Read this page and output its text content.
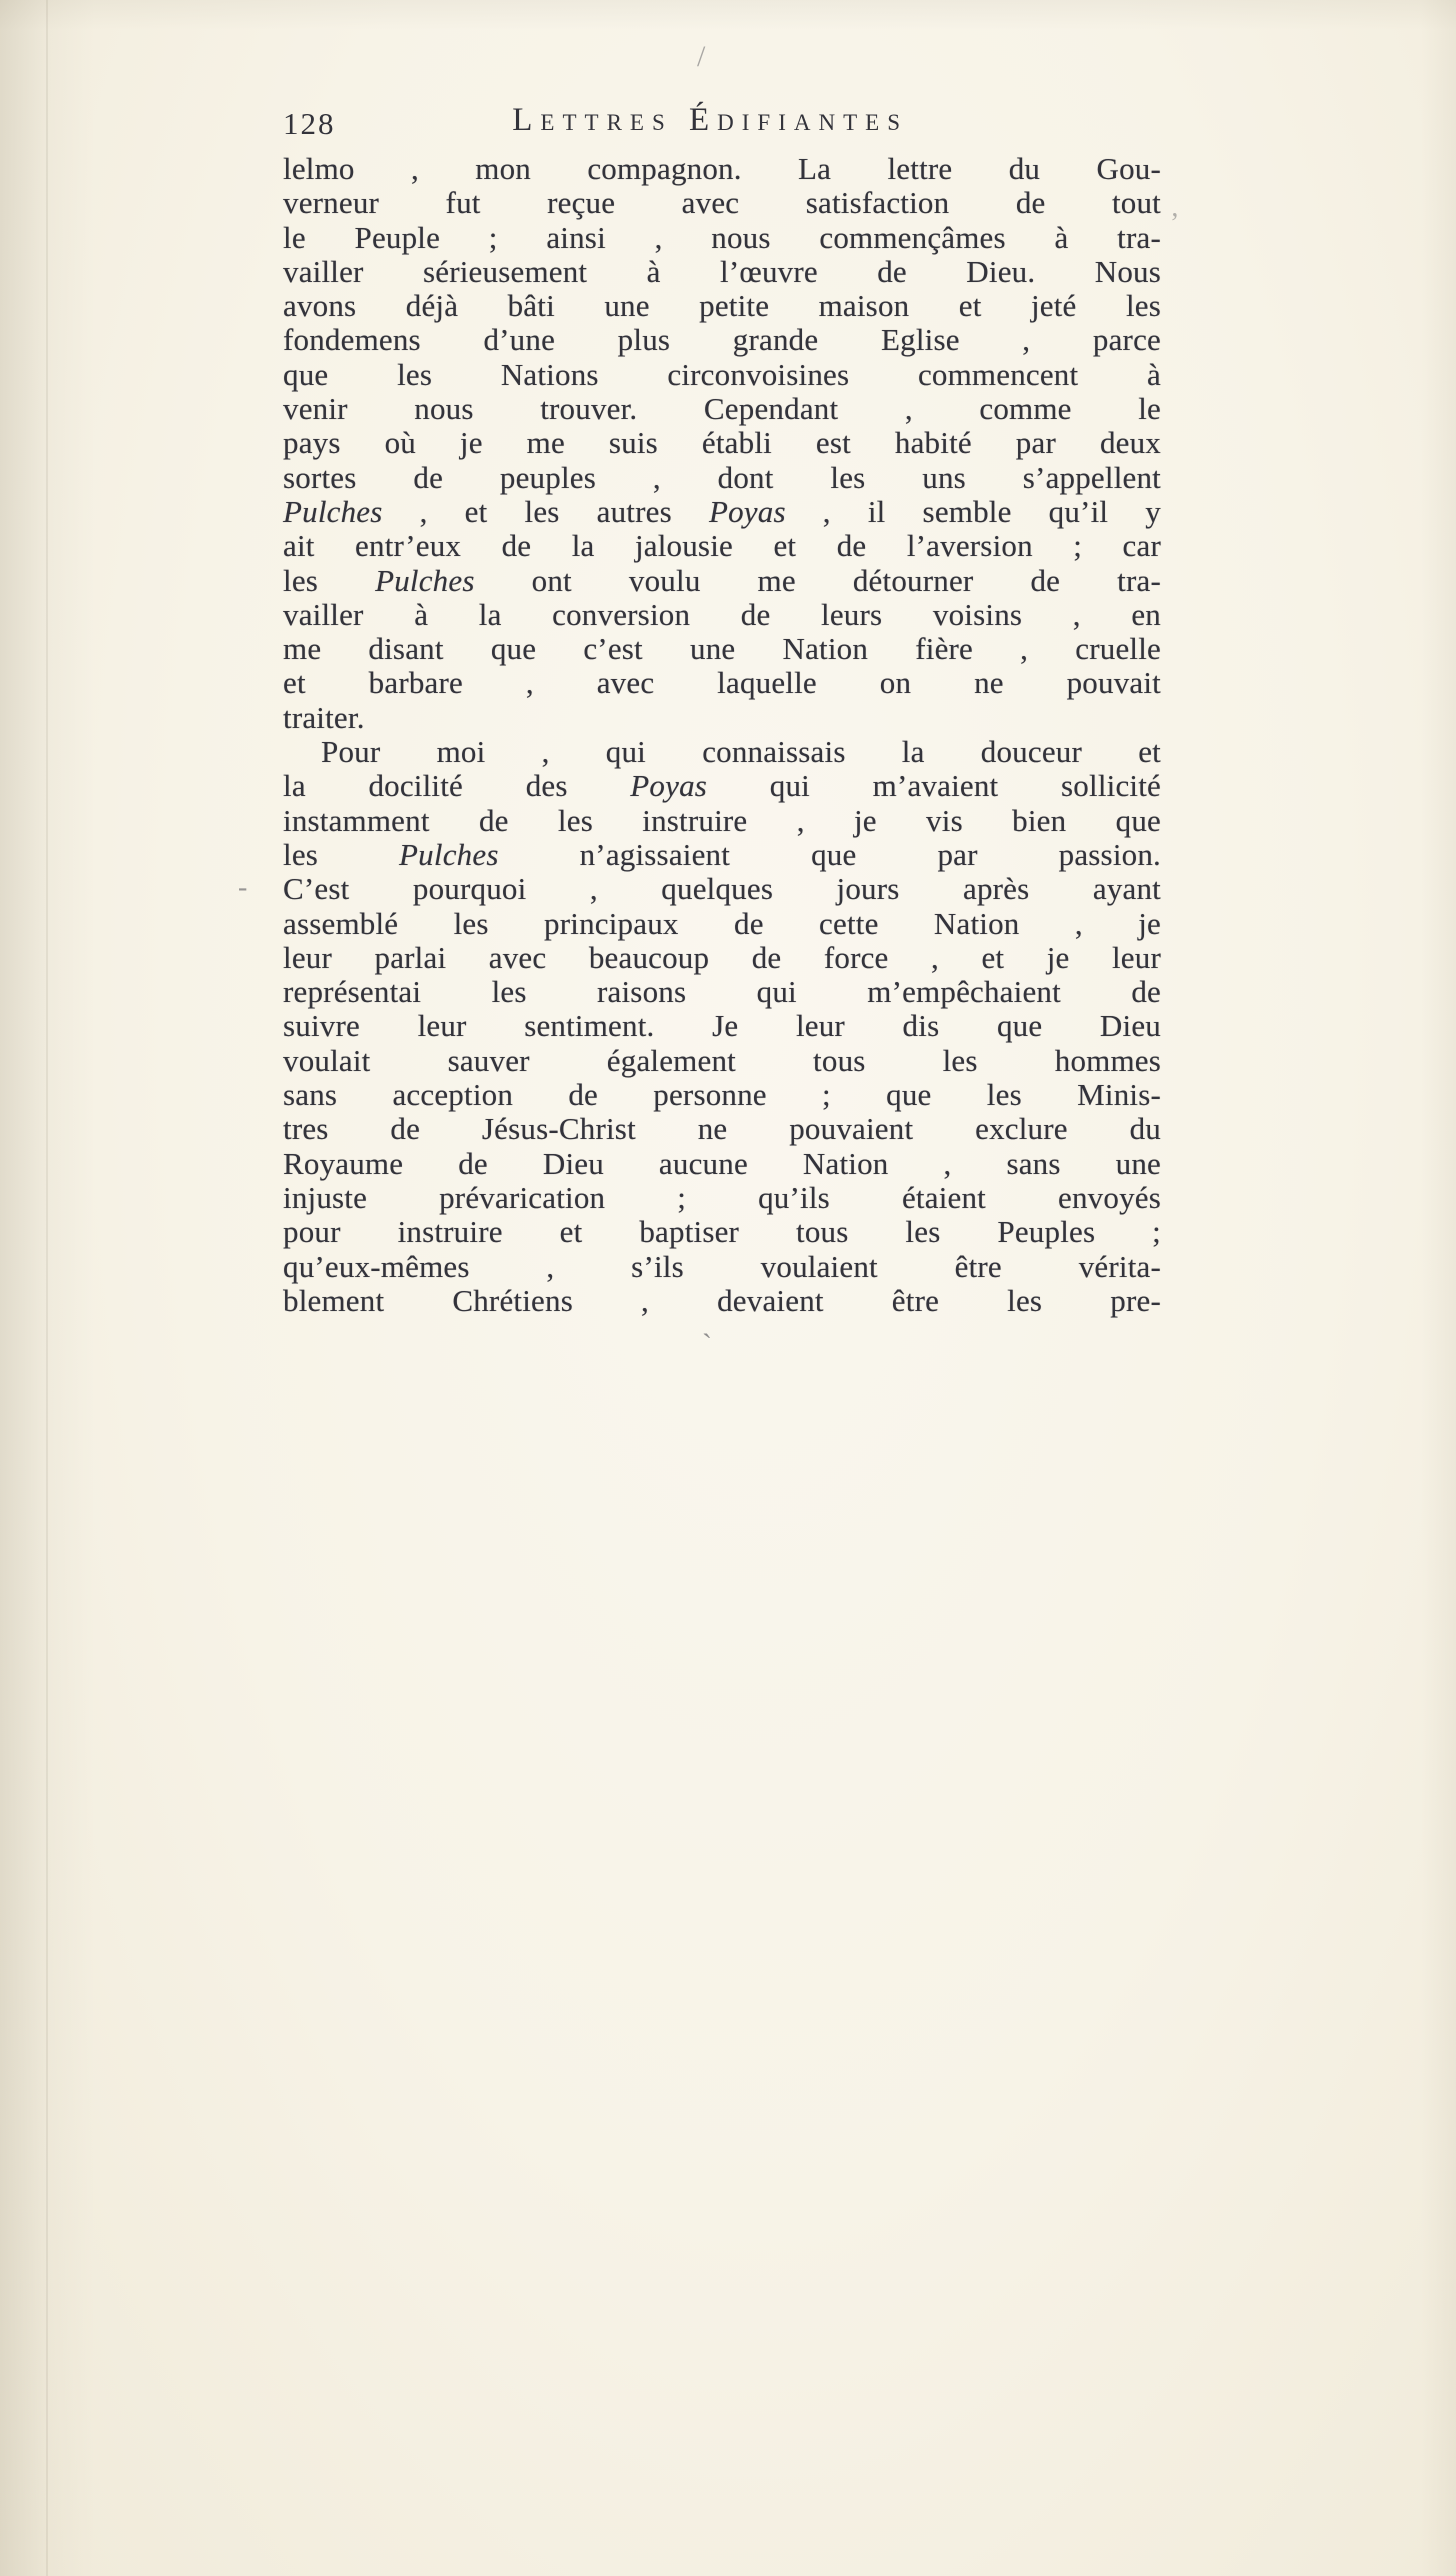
128	Lettres Édifiantes
lelmo , mon compagnon. La lettre du Gou-
verneur fut reçue avec satisfaction de tout
le Peuple ; ainsi , nous commençâmes à tra-
vailler sérieusement à l’œuvre de Dieu. Nous
avons déjà bâti une petite maison et jeté les
fondemens d’une plus grande Eglise , parce
que les Nations circonvoisines commencent à
venir nous trouver. Cependant , comme le
pays où je me suis établi est habité par deux
sortes de peuples , dont les uns s’appellent
Pulches , et les autres Poyas , il semble qu’il y
ait entr’eux de la jalousie et de l’aversion ; car
les Pulches ont voulu me détourner de tra-
vailler à la conversion de leurs voisins , en
me disant que c’est une Nation fière , cruelle
et barbare , avec laquelle on ne pouvait
traiter.
Pour moi , qui connaissais la douceur et
la docilité des Poyas qui m’avaient sollicité
instamment de les instruire , je vis bien que
les Pulches n’agissaient que par passion.
C’est pourquoi , quelques jours après ayant
assemblé les principaux de cette Nation , je
leur parlai avec beaucoup de force , et je leur
représentai les raisons qui m’empêchaient de
suivre leur sentiment. Je leur dis que Dieu
voulait sauver également tous les hommes
sans acception de personne ; que les Minis-
tres de Jésus-Christ ne pouvaient exclure du
Royaume de Dieu aucune Nation , sans une
injuste prévarication ; qu’ils étaient envoyés
pour instruire et baptiser tous les Peuples ;
qu’eux-mêmes , s’ils voulaient être vérita-
blement Chrétiens , devaient être les pre-
/
’
-
`
